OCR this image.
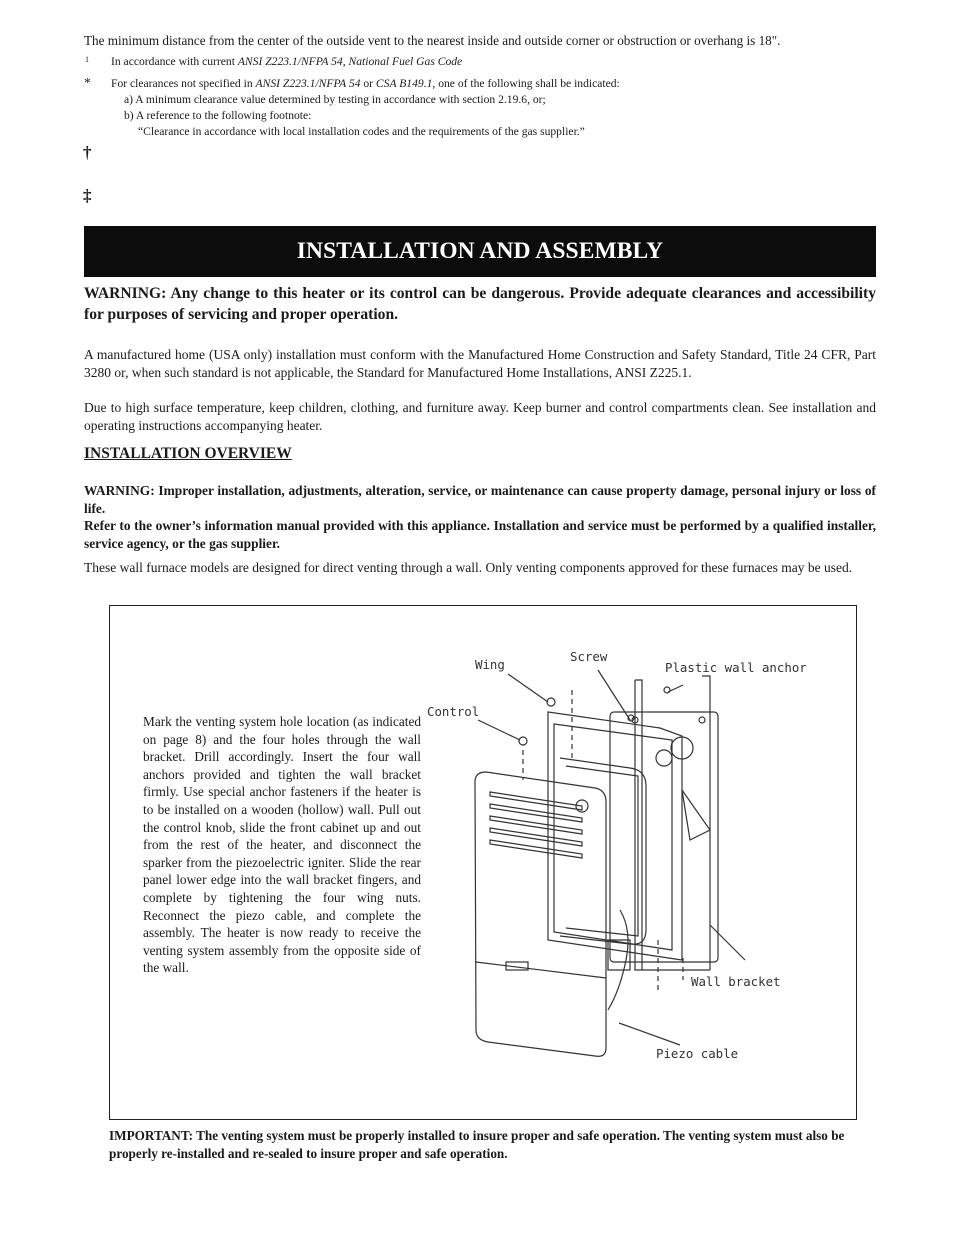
The minimum distance from the center of the outside vent to the nearest inside and outside corner or obstruction or overhang is 18".
1 In accordance with current ANSI Z223.1/NFPA 54, National Fuel Gas Code
* For clearances not specified in ANSI Z223.1/NFPA 54 or CSA B149.1, one of the following shall be indicated:
a) A minimum clearance value determined by testing in accordance with section 2.19.6, or;
b) A reference to the following footnote:
“Clearance in accordance with local installation codes and the requirements of the gas supplier.”
†
‡
INSTALLATION AND ASSEMBLY
WARNING: Any change to this heater or its control can be dangerous. Provide adequate clearances and accessibility for purposes of servicing and proper operation.
A manufactured home (USA only) installation must conform with the Manufactured Home Construction and Safety Standard, Title 24 CFR, Part 3280 or, when such standard is not applicable, the Standard for Manufactured Home Installations, ANSI Z225.1.
Due to high surface temperature, keep children, clothing, and furniture away. Keep burner and control compartments clean. See installation and operating instructions accompanying heater.
INSTALLATION OVERVIEW
WARNING: Improper installation, adjustments, alteration, service, or maintenance can cause property damage, personal injury or loss of life.
Refer to the owner’s information manual provided with this appliance. Installation and service must be performed by a qualified installer, service agency, or the gas supplier.
These wall furnace models are designed for direct venting through a wall. Only venting components approved for these furnaces may be used.
Mark the venting system hole location (as indicated on page 8) and the four holes through the wall bracket. Drill accordingly. Insert the four wall anchors provided and tighten the wall bracket firmly. Use special anchor fasteners if the heater is to be installed on a wooden (hollow) wall. Pull out the control knob, slide the front cabinet up and out from the rest of the heater, and disconnect the sparker from the piezoelectric igniter. Slide the rear panel lower edge into the wall bracket fingers, and complete by tightening the four wing nuts. Reconnect the piezo cable, and complete the assembly. The heater is now ready to receive the venting system assembly from the opposite side of the wall.
Screw
Wing	Plastic wall anchor
Control
Wall bracket
Piezo cable
IMPORTANT: The venting system must be properly installed to insure proper and safe operation. The venting system must also be properly re-installed and re-sealed to insure proper and safe operation.
